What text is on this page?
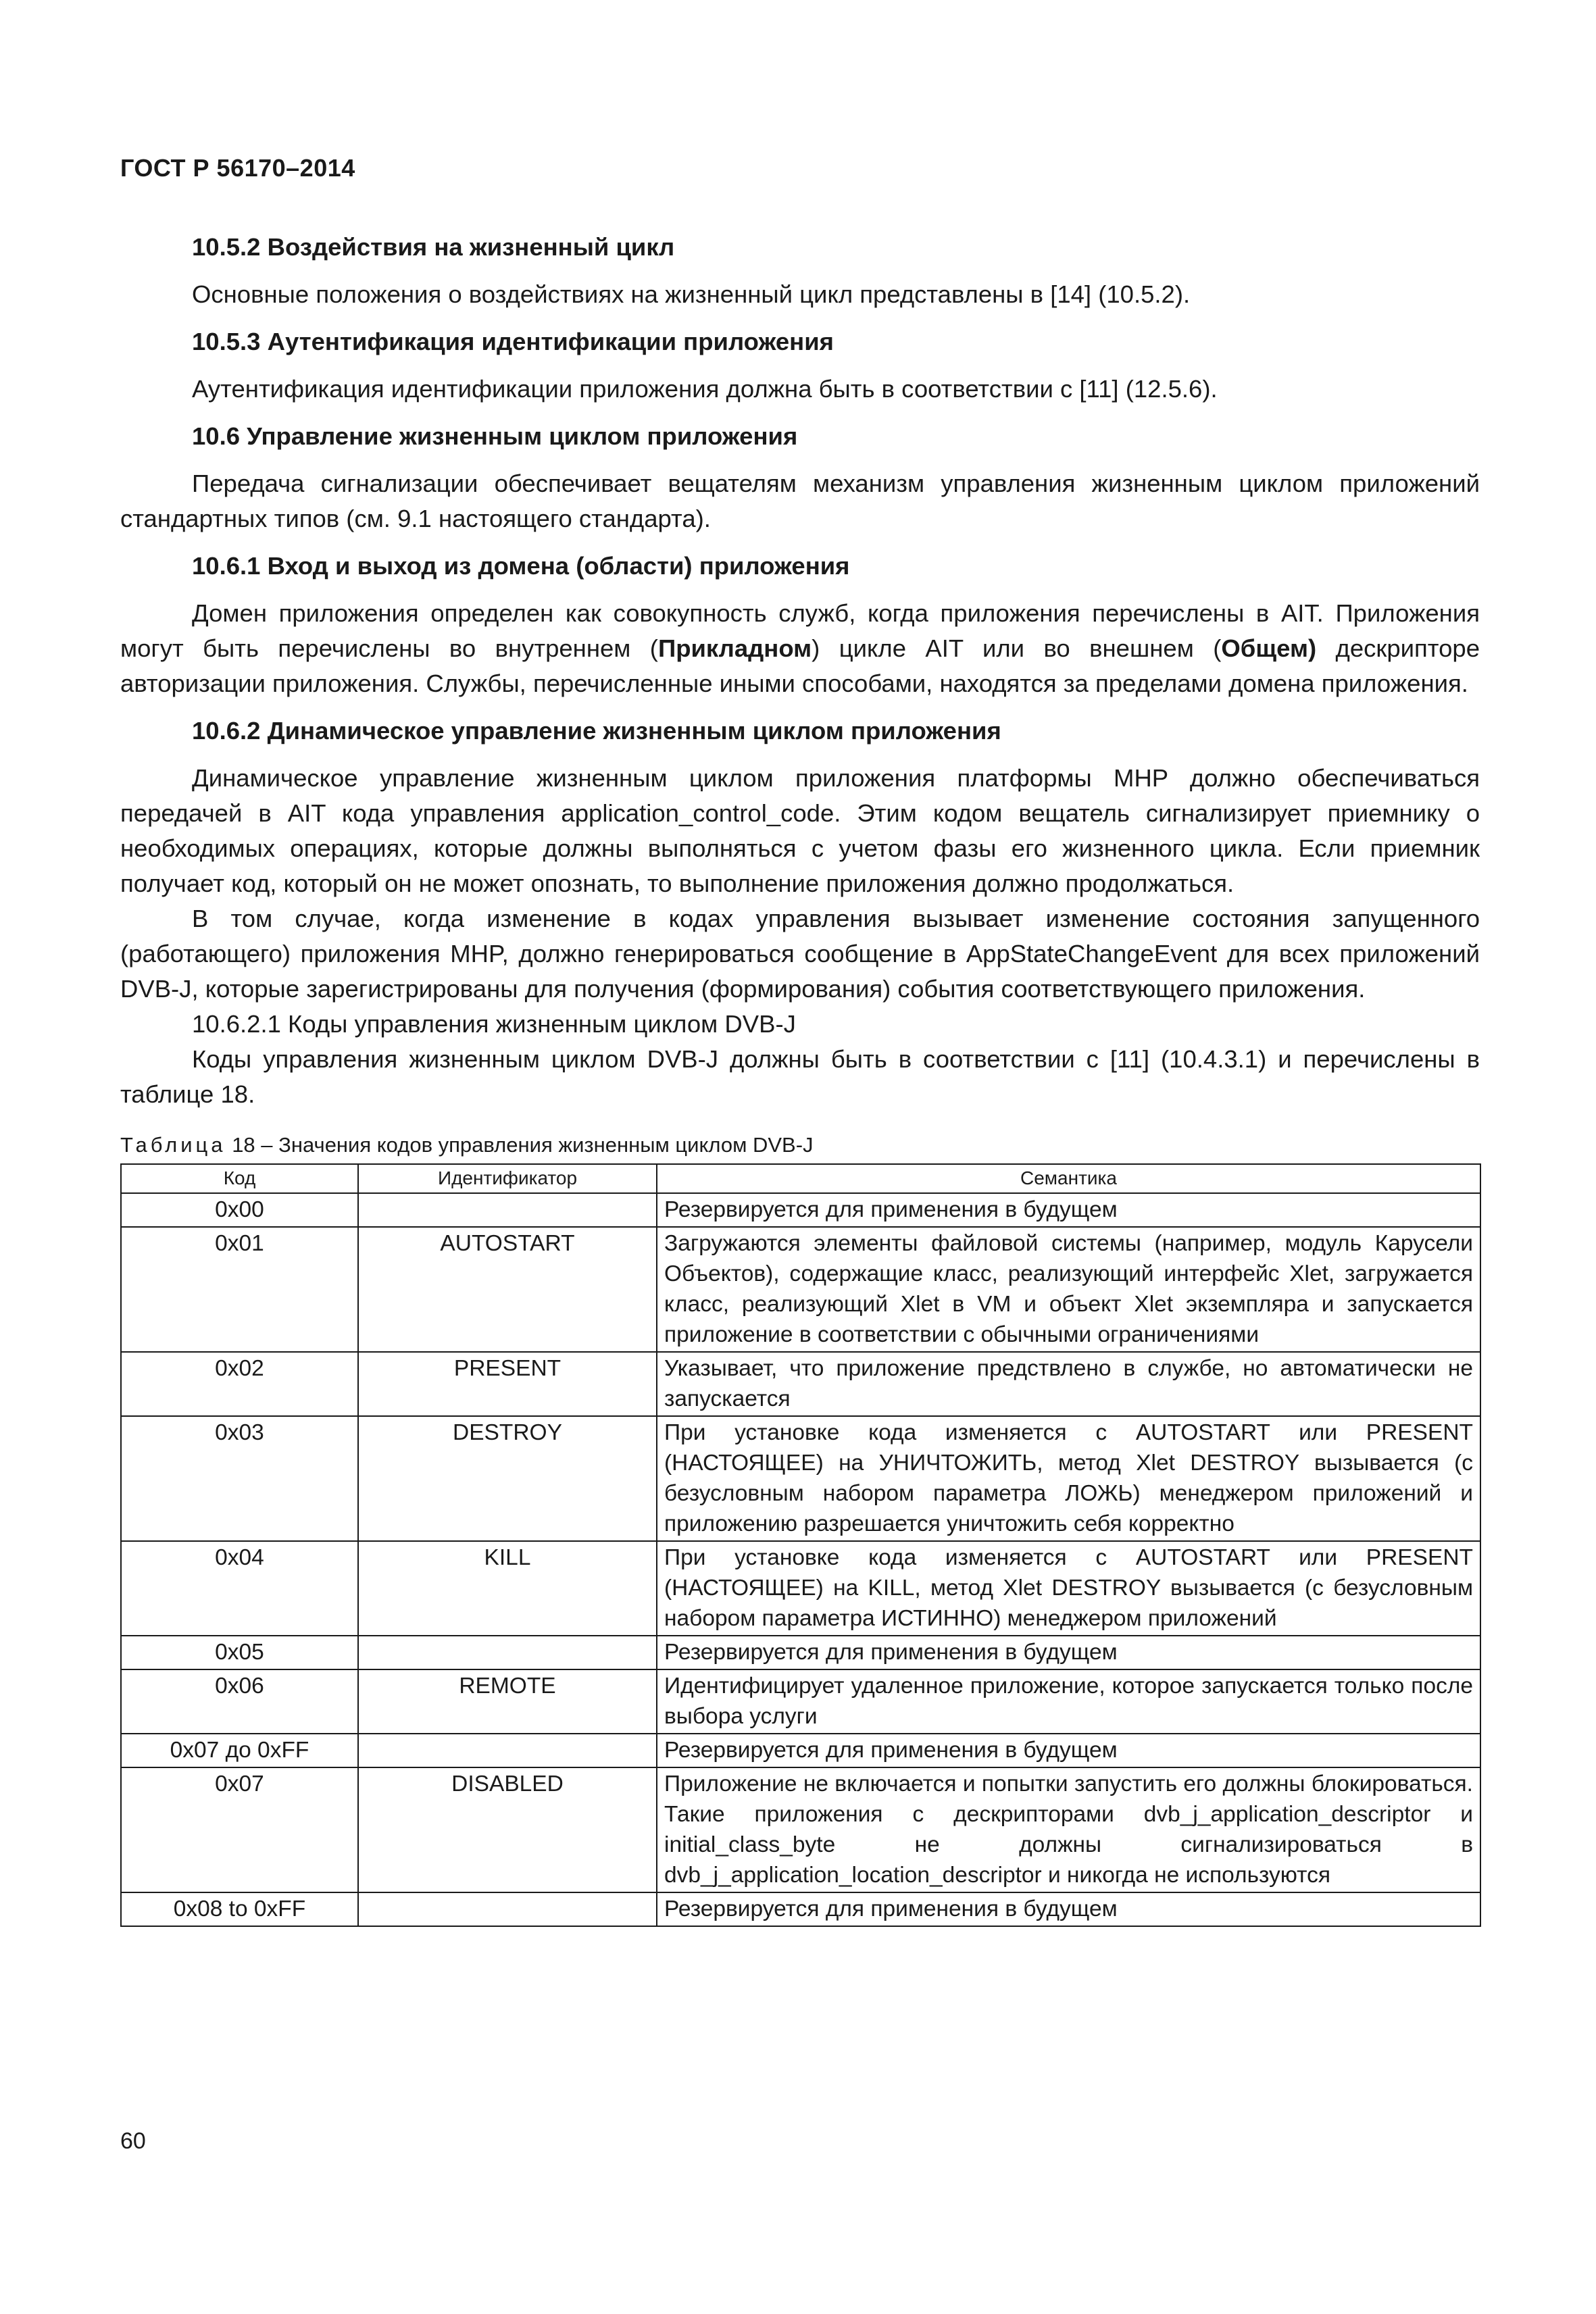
ГОСТ Р 56170–2014
10.5.2 Воздействия на жизненный цикл
Основные положения о воздействиях на жизненный цикл представлены в [14] (10.5.2).
10.5.3 Аутентификация идентификации приложения
Аутентификация идентификации приложения должна быть в соответствии с [11] (12.5.6).
10.6 Управление жизненным циклом приложения
Передача сигнализации обеспечивает вещателям механизм управления жизненным циклом приложений стандартных типов (см. 9.1 настоящего стандарта).
10.6.1 Вход и выход из домена (области) приложения
Домен приложения определен как совокупность служб, когда приложения перечислены в AIT. Приложения могут быть перечислены во внутреннем (Прикладном) цикле AIT или во внешнем (Общем) дескрипторе авторизации приложения. Службы, перечисленные иными способами, находятся за пределами домена приложения.
10.6.2 Динамическое управление жизненным циклом приложения
Динамическое управление жизненным циклом приложения платформы MHP должно обеспечиваться передачей в AIT кода управления application_control_code. Этим кодом вещатель сигнализирует приемнику о необходимых операциях, которые должны выполняться с учетом фазы его жизненного цикла. Если приемник получает код, который он не может опознать, то выполнение приложения должно продолжаться.
В том случае, когда изменение в кодах управления вызывает изменение состояния запущенного (работающего) приложения MHP, должно генерироваться сообщение в AppStateChangeEvent для всех приложений DVB-J, которые зарегистрированы для получения (формирования) события соответствующего приложения.
10.6.2.1 Коды управления жизненным циклом DVB-J
Коды управления жизненным циклом DVB-J должны быть в соответствии с [11] (10.4.3.1) и перечислены в таблице 18.
Таблица 18 – Значения кодов управления жизненным циклом DVB-J
Код	Идентификатор	Семантика
0x00		Резервируется для применения в будущем
0x01	AUTOSTART	Загружаются элементы файловой системы (например, модуль Карусели Объектов), содержащие класс, реализующий интерфейс Xlet, загружается класс, реализующий Xlet в VM и объект Xlet экземпляра и запускается приложение в соответствии с обычными ограничениями
0x02	PRESENT	Указывает, что приложение предствлено в службе, но автоматически не запускается
0x03	DESTROY	При установке кода изменяется с AUTOSTART или PRESENT (НАСТОЯЩЕЕ) на УНИЧТОЖИТЬ, метод Xlet DESTROY вызывается (с безусловным набором параметра ЛОЖЬ) менеджером приложений и приложению разрешается уничтожить себя корректно
0x04	KILL	При установке кода изменяется с AUTOSTART или PRESENT (НАСТОЯЩЕЕ) на KILL, метод Xlet DESTROY вызывается (с безусловным набором параметра ИСТИННО) менеджером приложений
0x05		Резервируется для применения в будущем
0x06	REMOTE	Идентифицирует удаленное приложение, которое запускается только после выбора услуги
0x07 до 0xFF		Резервируется для применения в будущем
0x07	DISABLED	Приложение не включается и попытки запустить его должны блокироваться. Такие приложения с дескрипторами dvb_j_application_descriptor и initial_class_byte не должны сигнализироваться в dvb_j_application_location_descriptor и никогда не используются
0x08 to 0xFF		Резервируется для применения в будущем
60
